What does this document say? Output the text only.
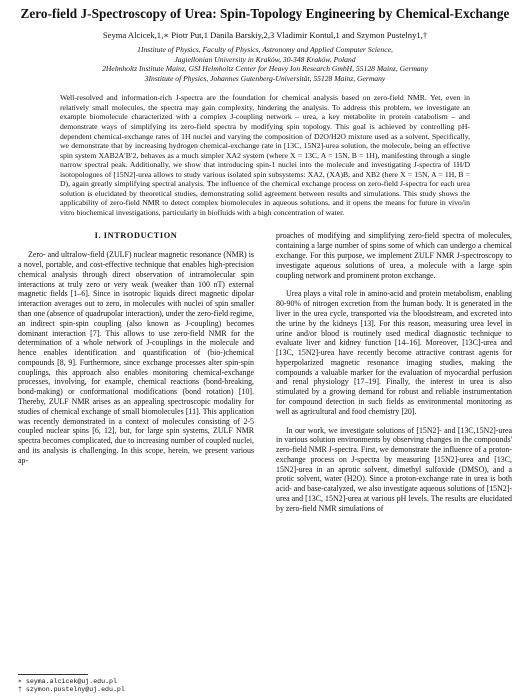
Zero-field J-Spectroscopy of Urea: Spin-Topology Engineering by Chemical-Exchange
Seyma Alcicek,1,∗ Piotr Put,1 Danila Barskiy,2,3 Vladimir Kontul,1 and Szymon Pustelny1,†
1Institute of Physics, Faculty of Physics, Astronomy and Applied Computer Science,
Jagiellonian University in Kraków, 30-348 Kraków, Poland
2Helmholtz Institute Mainz, GSI Helmholtz Center for Heavy Ion Research GmbH, 55128 Mainz, Germany
3Institute of Physics, Johannes Gutenberg-Universität, 55128 Mainz, Germany
Well-resolved and information-rich J-spectra are the foundation for chemical analysis based on zero-field NMR. Yet, even in relatively small molecules, the spectra may gain complexity, hindering the analysis. To address this problem, we investigate an example biomolecule characterized with a complex J-coupling network – urea, a key metabolite in protein catabolism – and demonstrate ways of simplifying its zero-field spectra by modifying spin topology. This goal is achieved by controlling pH-dependent chemical-exchange rates of 1H nuclei and varying the composition of D2O/H2O mixture used as a solvent. Specifically, we demonstrate that by increasing hydrogen chemical-exchange rate in [13C, 15N2]-urea solution, the molecule, being an effective spin system XAB2A′B′2, behaves as a much simpler XA2 system (where X = 13C, A = 15N, B = 1H), manifesting through a single narrow spectral peak. Additionally, we show that introducing spin-1 nuclei into the molecule and investigating J-spectra of 1H/D isotopologues of [15N2]-urea allows to study various isolated spin subsystems: XA2, (XA)B, and XB2 (here X = 15N, A = 1H, B = D), again greatly simplifying spectral analysis. The influence of the chemical exchange process on zero-field J-spectra for each urea solution is elucidated by theoretical studies, demonstrating solid agreement between results and simulations. This study shows the applicability of zero-field NMR to detect complex biomolecules in aqueous solutions, and it opens the means for future in vivo/in vitro biochemical investigations, particularly in biofluids with a high concentration of water.
I. INTRODUCTION

Zero- and ultralow-field (ZULF) nuclear magnetic resonance (NMR) is a novel, portable, and cost-effective technique that enables high-precision chemical analysis through direct observation of intramolecular spin interactions at truly zero or very weak (weaker than 100 nT) external magnetic fields [1–6]. Since in isotropic liquids direct magnetic dipolar interaction averages out to zero, in molecules with nuclei of spin smaller than one (absence of quadrupolar interaction), under the zero-field regime, an indirect spin-spin coupling (also known as J-coupling) becomes dominant interaction [7]. This allows to use zero-field NMR for the determination of a whole network of J-couplings in the molecule and hence enables identification and quantification of (bio-)chemical compounds [8, 9]. Furthermore, since exchange processes alter spin-spin couplings, this approach also enables monitoring chemical-exchange processes, involving, for example, chemical reactions (bond-breaking, bond-making) or conformational modifications (bond rotation) [10]. Thereby, ZULF NMR arises as an appealing spectroscopic modality for studies of chemical exchange of small biomolecules [11]. This application was recently demonstrated in a context of molecules consisting of 2-5 coupled nuclear spins [6, 12], but, for large spin systems, ZULF NMR spectra becomes complicated, due to increasing number of coupled nuclei, and its analysis is challenging. In this scope, herein, we present various ap-

proaches of modifying and simplifying zero-field spectra of molecules, containing a large number of spins some of which can undergo a chemical exchange. For this purpose, we implement ZULF NMR J-spectroscopy to investigate aqueous solutions of urea, a molecule with a large spin coupling network and prominent proton exchange.

Urea plays a vital role in amino-acid and protein metabolism, enabling 80-90% of nitrogen excretion from the human body. It is generated in the liver in the urea cycle, transported via the bloodstream, and excreted into the urine by the kidneys [13]. For this reason, measuring urea level in urine and/or blood is routinely used medical diagnostic technique to evaluate liver and kidney function [14–16]. Moreover, [13C]-urea and [13C, 15N2]-urea have recently become attractive contrast agents for hyperpolarized magnetic resonance imaging studies, making the compounds a valuable marker for the evaluation of myocardial perfusion and renal physiology [17–19]. Finally, the interest in urea is also stimulated by a growing demand for robust and reliable instrumentation for compound detection in such fields as environmental monitoring as well as agricultural and food chemistry [20].

In our work, we investigate solutions of [15N2]- and [13C,15N2]-urea in various solution environments by observing changes in the compounds' zero-field NMR J-spectra. First, we demonstrate the influence of a proton-exchange process on J-spectra by measuring [15N2]-urea and [13C, 15N2]-urea in an aprotic solvent, dimethyl sulfoxide (DMSO), and a protic solvent, water (H2O). Since a proton-exchange rate in urea is both acid- and base-catalyzed, we also investigate aqueous solutions of [15N2]-urea and [13C, 15N2]-urea at various pH levels. The results are elucidated by zero-field NMR simulations of

∗ seyma.alcicek@uj.edu.pl
† szymon.pustelny@uj.edu.pl
